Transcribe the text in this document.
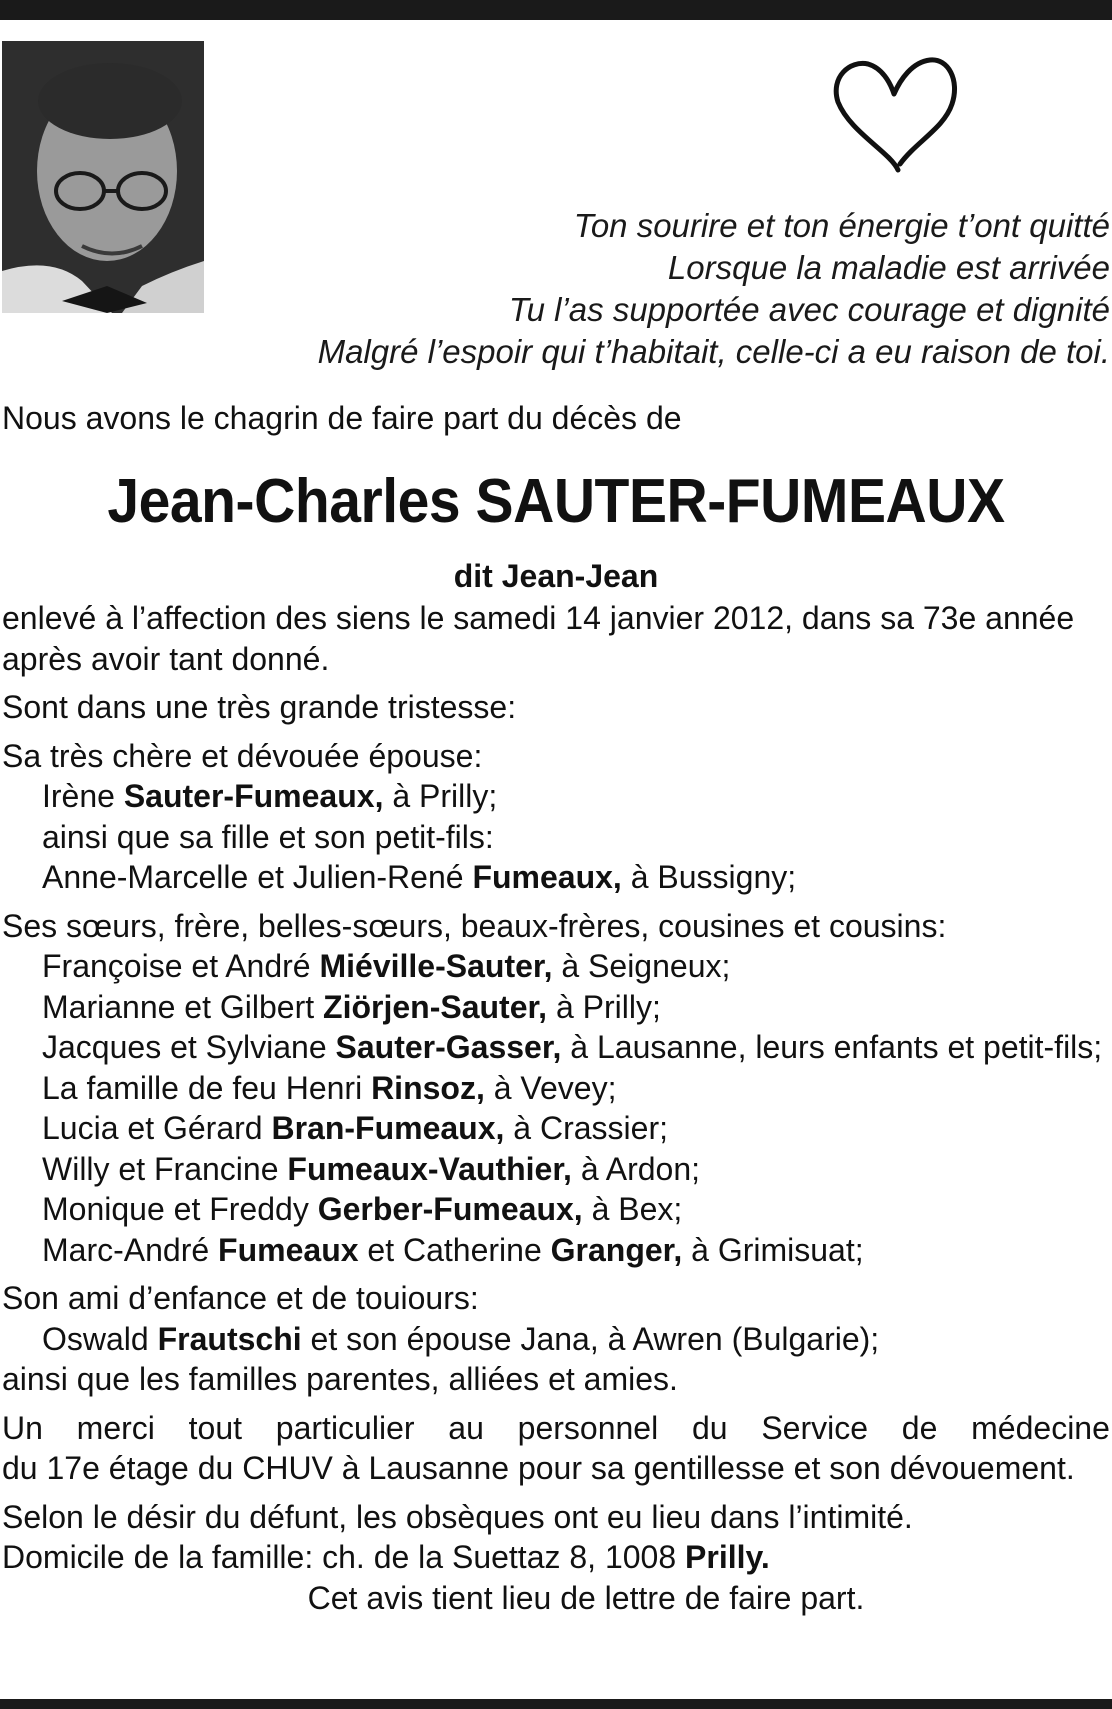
Ton sourire et ton énergie t’ont quitté
Lorsque la maladie est arrivée
Tu l’as supportée avec courage et dignité
Malgré l’espoir qui t’habitait, celle-ci a eu raison de toi.

Nous avons le chagrin de faire part du décès de

Jean-Charles SAUTER-FUMEAUX

dit Jean-Jean

enlevé à l’affection des siens le samedi 14 janvier 2012, dans sa 73e année

après avoir tant donné.

Sont dans une très grande tristesse:

Sa très chère et dévouée épouse:

Irène Sauter-Fumeaux, à Prilly;

ainsi que sa fille et son petit-fils:

Anne-Marcelle et Julien-René Fumeaux, à Bussigny;

Ses sœurs, frère, belles-sœurs, beaux-frères, cousines et cousins:

Françoise et André Miéville-Sauter, à Seigneux;

Marianne et Gilbert Ziörjen-Sauter, à Prilly;

Jacques et Sylviane Sauter-Gasser, à Lausanne, leurs enfants et petit-fils;

La famille de feu Henri Rinsoz, à Vevey;

Lucia et Gérard Bran-Fumeaux, à Crassier;

Willy et Francine Fumeaux-Vauthier, à Ardon;

Monique et Freddy Gerber-Fumeaux, à Bex;

Marc-André Fumeaux et Catherine Granger, à Grimisuat;

Son ami d’enfance et de touiours:

Oswald Frautschi et son épouse Jana, à Awren (Bulgarie);

ainsi que les familles parentes, alliées et amies.

Un merci tout particulier au personnel du Service de médecine

du 17e étage du CHUV à Lausanne pour sa gentillesse et son dévouement.

Selon le désir du défunt, les obsèques ont eu lieu dans l’intimité.

Domicile de la famille: ch. de la Suettaz 8, 1008 Prilly.

Cet avis tient lieu de lettre de faire part.
